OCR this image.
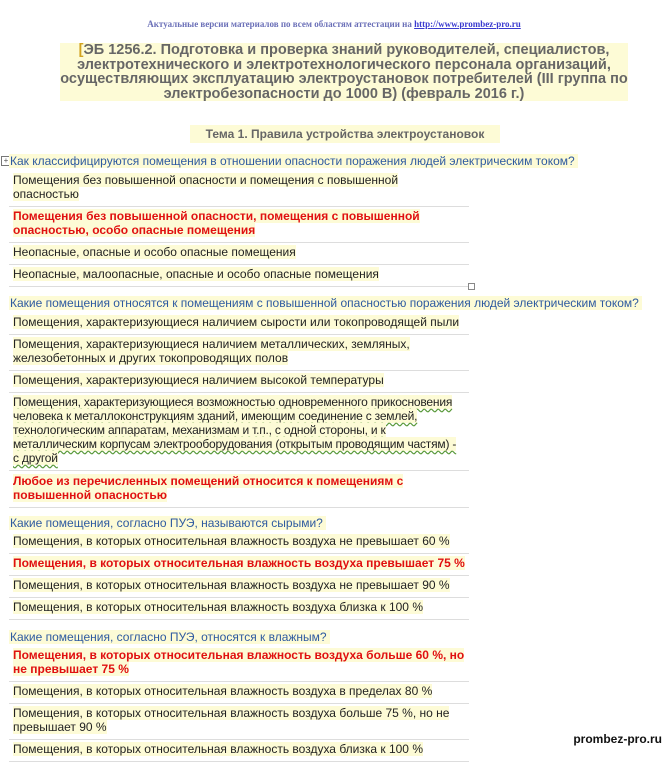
Актуальные версии материалов по всем областям аттестации на http://www.prombez-pro.ru
[ЭБ 1256.2. Подготовка и проверка знаний руководителей, специалистов, электротехнического и электротехнологического персонала организаций, осуществляющих эксплуатацию электроустановок потребителей (III группа по электробезопасности до 1000 В) (февраль 2016 г.)
Тема 1. Правила устройства электроустановок
+ Как классифицируются помещения в отношении опасности поражения людей электрическим током?
Помещения без повышенной опасности и помещения с повышенной опасностью
Помещения без повышенной опасности, помещения с повышенной опасностью, особо опасные помещения
Неопасные, опасные и особо опасные помещения
Неопасные, малоопасные, опасные и особо опасные помещения
Какие помещения относятся к помещениям с повышенной опасностью поражения людей электрическим током?
Помещения, характеризующиеся наличием сырости или токопроводящей пыли
Помещения, характеризующиеся наличием металлических, земляных, железобетонных и других токопроводящих полов
Помещения, характеризующиеся наличием высокой температуры
Помещения, характеризующиеся возможностью одновременного прикосновения человека к металлоконструкциям зданий, имеющим соединение с землей, технологическим аппаратам, механизмам и т.п., с одной стороны, и к металлическим корпусам электрооборудования (открытым проводящим частям) - с другой
Любое из перечисленных помещений относится к помещениям с повышенной опасностью
Какие помещения, согласно ПУЭ, называются сырыми?
Помещения, в которых относительная влажность воздуха не превышает 60 %
Помещения, в которых относительная влажность воздуха превышает 75 %
Помещения, в которых относительная влажность воздуха не превышает 90 %
Помещения, в которых относительная влажность воздуха близка к 100 %
Какие помещения, согласно ПУЭ, относятся к влажным?
Помещения, в которых относительная влажность воздуха больше 60 %, но не превышает 75 %
Помещения, в которых относительная влажность воздуха в пределах 80 %
Помещения, в которых относительная влажность воздуха больше 75 %, но не превышает 90 %
Помещения, в которых относительная влажность воздуха близка к 100 %
prombez-pro.ru
